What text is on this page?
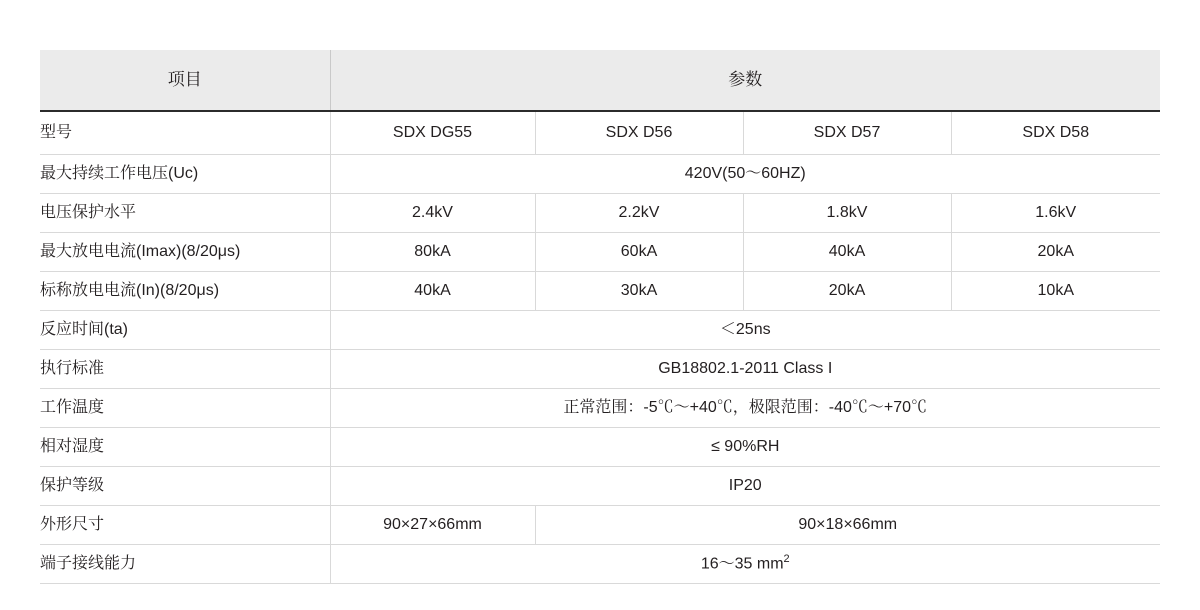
项目	参数			
型号	SDX DG55	SDX D56	SDX D57	SDX D58
最大持续工作电压(Uc)	420V(50～60HZ)			
电压保护水平	2.4kV	2.2kV	1.8kV	1.6kV
最大放电电流(Imax)(8/20μs)	80kA	60kA	40kA	20kA
标称放电电流(In)(8/20μs)	40kA	30kA	20kA	10kA
反应时间(ta)	＜25ns			
执行标准	GB18802.1-2011 Class I			
工作温度	正常范围：-5℃～+40℃，极限范围：-40℃～+70℃			
相对湿度	≤ 90%RH			
保护等级	IP20			
外形尺寸	90×27×66mm	90×18×66mm		
端子接线能力	16～35 $mm^2$
